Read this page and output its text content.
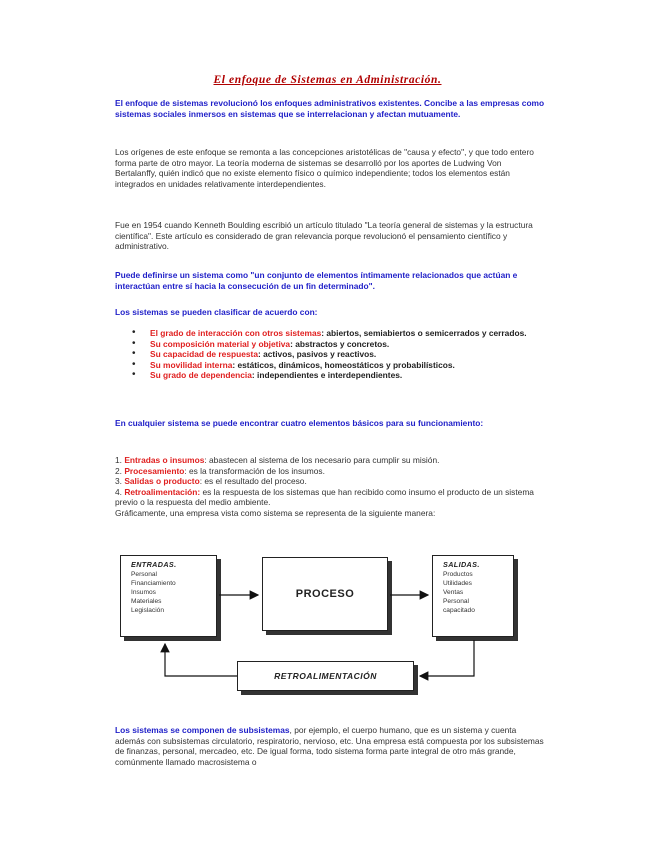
El enfoque de Sistemas en Administración.

El enfoque de sistemas revolucionó los enfoques administrativos existentes. Concibe a las empresas como sistemas sociales inmersos en sistemas que se interrelacionan y afectan mutuamente.

Los orígenes de este enfoque se remonta a las concepciones aristotélicas de "causa y efecto", y que todo entero forma parte de otro mayor. La teoría moderna de sistemas se desarrolló por los aportes de Ludwing Von Bertalanffy, quién indicó que no existe elemento físico o químico independiente; todos los elementos están integrados en unidades relativamente interdependientes.

Fue en 1954 cuando Kenneth Boulding escribió un artículo titulado "La teoría general de sistemas y la estructura científica". Este artículo es considerado de gran relevancia porque revolucionó el pensamiento científico y administrativo.

Puede definirse un sistema como "un conjunto de elementos íntimamente relacionados que actúan e interactúan entre sí hacia la consecución de un fin determinado".

Los sistemas se pueden clasificar de acuerdo con:

• El grado de interacción con otros sistemas: abiertos, semiabiertos o semicerrados y cerrados.
• Su composición material y objetiva: abstractos y concretos.
• Su capacidad de respuesta: activos, pasivos y reactivos.
• Su movilidad interna: estáticos, dinámicos, homeostáticos y probabilísticos.
• Su grado de dependencia: independientes e interdependientes.

En cualquier sistema se puede encontrar cuatro elementos básicos para su funcionamiento:

1. Entradas o insumos: abastecen al sistema de los necesario para cumplir su misión.
2. Procesamiento: es la transformación de los insumos.
3. Salidas o producto: es el resultado del proceso.
4. Retroalimentación: es la respuesta de los sistemas que han recibido como insumo el producto de un sistema previo o la respuesta del medio ambiente.
Gráficamente, una empresa vista como sistema se representa de la siguiente manera:
ENTRADAS.
Personal
Financiamiento
Insumos
Materiales
Legislación
PROCESO
SALIDAS.
Productos
Utilidades
Ventas
Personal
capacitado
RETROALIMENTACIÓN

Los sistemas se componen de subsistemas, por ejemplo, el cuerpo humano, que es un sistema y cuenta además con subsistemas circulatorio, respiratorio, nervioso, etc. Una empresa está compuesta por los subsistemas de finanzas, personal, mercadeo, etc. De igual forma, todo sistema forma parte integral de otro más grande, comúnmente llamado macrosistema o
